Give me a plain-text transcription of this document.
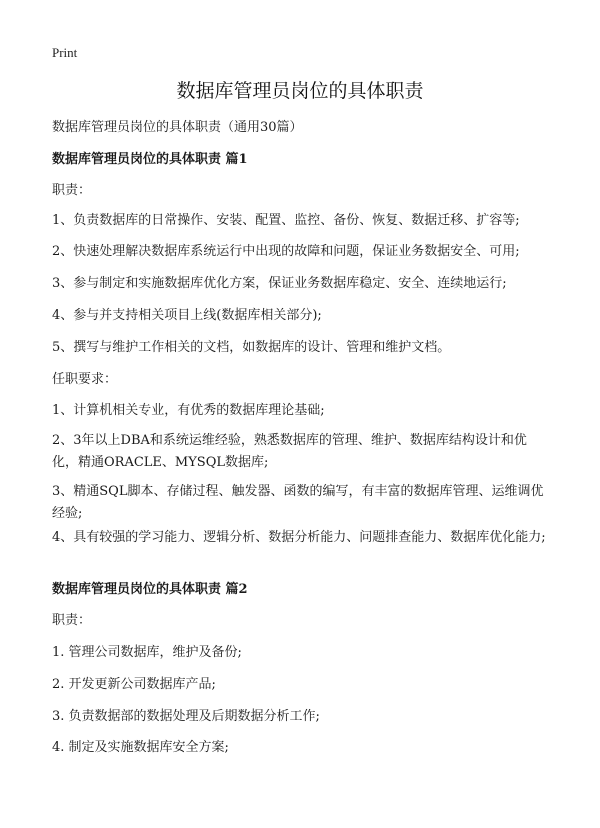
Print
数据库管理员岗位的具体职责
数据库管理员岗位的具体职责（通用30篇）
数据库管理员岗位的具体职责 篇1
职责：
1、负责数据库的日常操作、安装、配置、监控、备份、恢复、数据迁移、扩容等;
2、快速处理解决数据库系统运行中出现的故障和问题，保证业务数据安全、可用;
3、参与制定和实施数据库优化方案，保证业务数据库稳定、安全、连续地运行;
4、参与并支持相关项目上线(数据库相关部分);
5、撰写与维护工作相关的文档，如数据库的设计、管理和维护文档。
任职要求：
1、计算机相关专业，有优秀的数据库理论基础;
2、3年以上DBA和系统运维经验，熟悉数据库的管理、维护、数据库结构设计和优化，精通ORACLE、MYSQL数据库;
3、精通SQL脚本、存储过程、触发器、函数的编写，有丰富的数据库管理、运维调优经验;
4、具有较强的学习能力、逻辑分析、数据分析能力、问题排查能力、数据库优化能力;
数据库管理员岗位的具体职责 篇2
职责：
1. 管理公司数据库，维护及备份;
2. 开发更新公司数据库产品;
3. 负责数据部的数据处理及后期数据分析工作;
4. 制定及实施数据库安全方案;
